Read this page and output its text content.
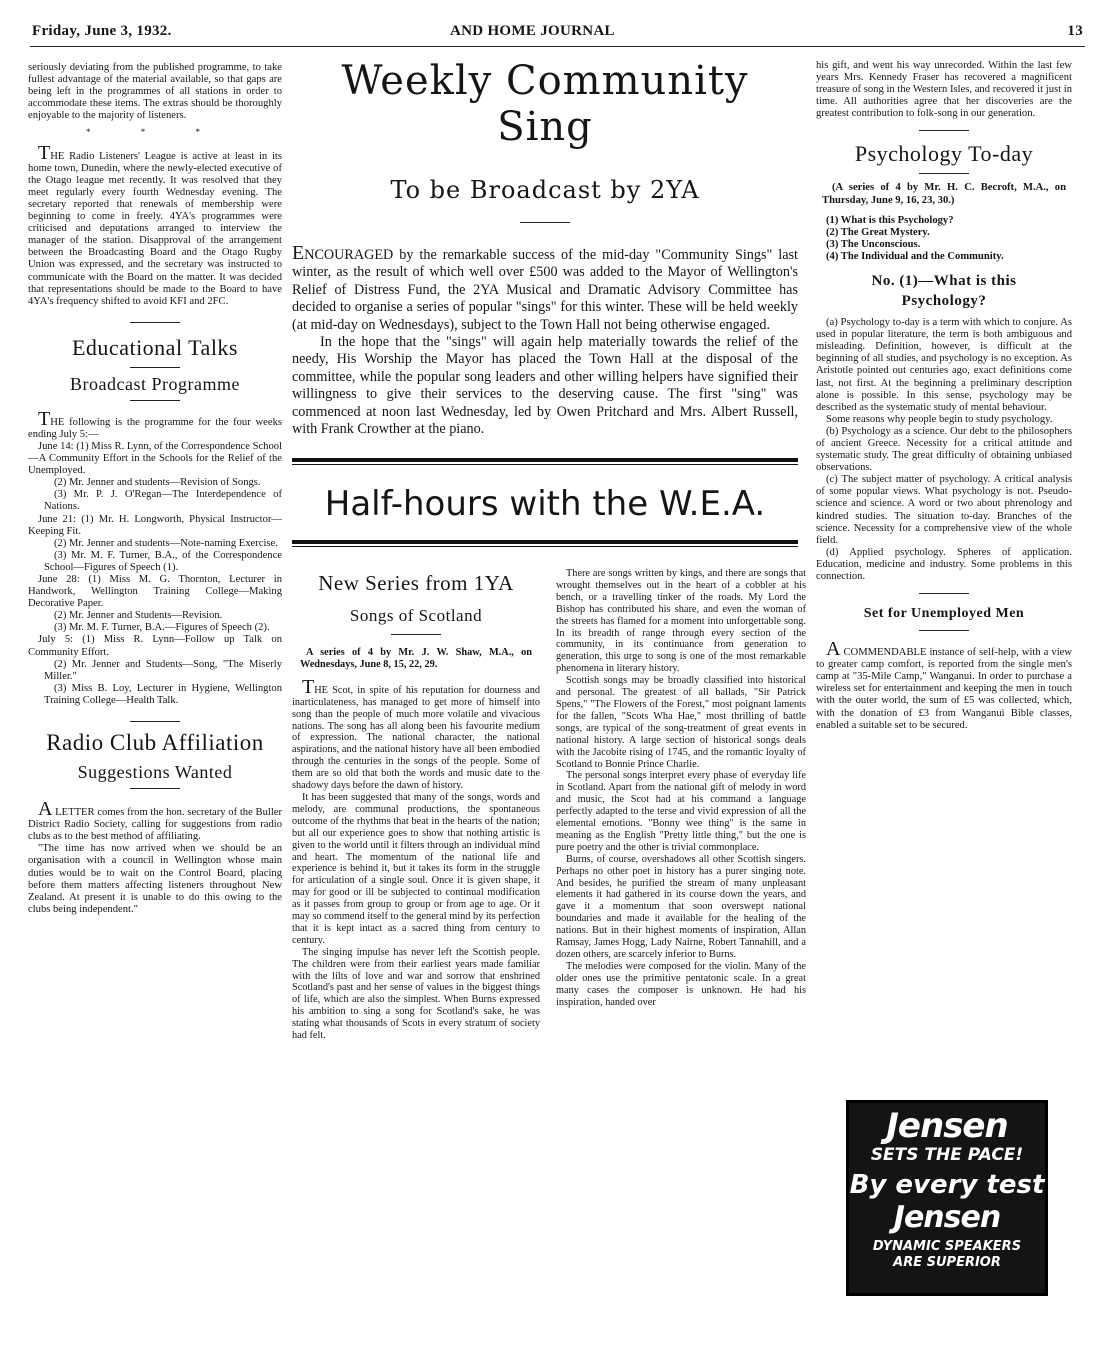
Friday, June 3, 1932.	AND HOME JOURNAL	13

seriously deviating from the published programme, to take fullest advantage of the material available, so that gaps are being left in the programmes of all stations in order to accommodate these items. The extras should be thoroughly enjoyable to the majority of listeners.

* * *

THE Radio Listeners' League is active at least in its home town, Dunedin, where the newly-elected executive of the Otago league met recently. It was resolved that they meet regularly every fourth Wednesday evening. The secretary reported that renewals of membership were beginning to come in freely. 4YA's programmes were criticised and deputations arranged to interview the manager of the station. Disapproval of the arrangement between the Broadcasting Board and the Otago Rugby Union was expressed, and the secretary was instructed to communicate with the Board on the matter. It was decided that representations should be made to the Board to have 4YA's frequency shifted to avoid KFI and 2FC.

Educational Talks
Broadcast Programme

THE following is the programme for the four weeks ending July 5:—

June 14: (1) Miss R. Lynn, of the Correspondence School—A Community Effort in the Schools for the Relief of the Unemployed.

(2) Mr. Jenner and students—Revision of Songs.

(3) Mr. P. J. O'Regan—The Interdependence of Nations.

June 21: (1) Mr. H. Longworth, Physical Instructor—Keeping Fit.

(2) Mr. Jenner and students—Note-naming Exercise.

(3) Mr. M. F. Turner, B.A., of the Correspondence School—Figures of Speech (1).

June 28: (1) Miss M. G. Thornton, Lecturer in Handwork, Wellington Training College—Making Decorative Paper.

(2) Mr. Jenner and Students—Revision.

(3) Mr. M. F. Turner, B.A.—Figures of Speech (2).

July 5: (1) Miss R. Lynn—Follow up Talk on Community Effort.

(2) Mr. Jenner and Students—Song, "The Miserly Miller."

(3) Miss B. Loy, Lecturer in Hygiene, Wellington Training College—Health Talk.

Radio Club Affiliation
Suggestions Wanted

A LETTER comes from the hon. secretary of the Buller District Radio Society, calling for suggestions from radio clubs as to the best method of affiliating.

"The time has now arrived when we should be an organisation with a council in Wellington whose main duties would be to wait on the Control Board, placing before them matters affecting listeners throughout New Zealand. At present it is unable to do this owing to the clubs being independent."

Weekly Community Sing
To be Broadcast by 2YA

ENCOURAGED by the remarkable success of the mid-day "Community Sings" last winter, as the result of which well over £500 was added to the Mayor of Wellington's Relief of Distress Fund, the 2YA Musical and Dramatic Advisory Committee has decided to organise a series of popular "sings" for this winter. These will be held weekly (at mid-day on Wednesdays), subject to the Town Hall not being otherwise engaged.

In the hope that the "sings" will again help materially towards the relief of the needy, His Worship the Mayor has placed the Town Hall at the disposal of the committee, while the popular song leaders and other willing helpers have signified their willingness to give their services to the deserving cause. The first "sing" was commenced at noon last Wednesday, led by Owen Pritchard and Mrs. Albert Russell, with Frank Crowther at the piano.

Half-hours with the W.E.A.
New Series from 1YA
Songs of Scotland

A series of 4 by Mr. J. W. Shaw, M.A., on Wednesdays, June 8, 15, 22, 29.

THE Scot, in spite of his reputation for dourness and inarticulateness, has managed to get more of himself into song than the people of much more volatile and vivacious nations. The song has all along been his favourite medium of expression. The national character, the national aspirations, and the national history have all been embodied through the centuries in the songs of the people. Some of them are so old that both the words and music date to the shadowy days before the dawn of history.

It has been suggested that many of the songs, words and melody, are communal productions, the spontaneous outcome of the rhythms that beat in the hearts of the nation; but all our experience goes to show that nothing artistic is given to the world until it filters through an individual mind and heart. The momentum of the national life and experience is behind it, but it takes its form in the struggle for articulation of a single soul. Once it is given shape, it may for good or ill be subjected to continual modification as it passes from group to group or from age to age. Or it may so commend itself to the general mind by its perfection that it is kept intact as a sacred thing from century to century.

The singing impulse has never left the Scottish people. The children were from their earliest years made familiar with the lilts of love and war and sorrow that enshrined Scotland's past and her sense of values in the biggest things of life, which are also the simplest. When Burns expressed his ambition to sing a song for Scotland's sake, he was stating what thousands of Scots in every stratum of society had felt.

There are songs written by kings, and there are songs that wrought themselves out in the heart of a cobbler at his bench, or a travelling tinker of the roads. My Lord the Bishop has contributed his share, and even the woman of the streets has flamed for a moment into unforgettable song. In its breadth of range through every section of the community, in its continuance from generation to generation, this urge to song is one of the most remarkable phenomena in literary history.

Scottish songs may be broadly classified into historical and personal. The greatest of all ballads, "Sir Patrick Spens," "The Flowers of the Forest," most poignant laments for the fallen, "Scots Wha Hae," most thrilling of battle songs, are typical of the song-treatment of great events in national history. A large section of historical songs deals with the Jacobite rising of 1745, and the romantic loyalty of Scotland to Bonnie Prince Charlie.

The personal songs interpret every phase of everyday life in Scotland. Apart from the national gift of melody in word and music, the Scot had at his command a language perfectly adapted to the terse and vivid expression of all the elemental emotions. "Bonny wee thing" is the same in meaning as the English "Pretty little thing," but the one is pure poetry and the other is trivial commonplace.

Burns, of course, overshadows all other Scottish singers. Perhaps no other poet in history has a purer singing note. And besides, he purified the stream of many unpleasant elements it had gathered in its course down the years, and gave it a momentum that soon overswept national boundaries and made it available for the healing of the nations. But in their highest moments of inspiration, Allan Ramsay, James Hogg, Lady Nairne, Robert Tannahill, and a dozen others, are scarcely inferior to Burns.

The melodies were composed for the violin. Many of the older ones use the primitive pentatonic scale. In a great many cases the composer is unknown. He had his inspiration, handed over

his gift, and went his way unrecorded. Within the last few years Mrs. Kennedy Fraser has recovered a magnificent treasure of song in the Western Isles, and recovered it just in time. All authorities agree that her discoveries are the greatest contribution to folk-song in our generation.

Psychology To-day

(A series of 4 by Mr. H. C. Becroft, M.A., on Thursday, June 9, 16, 23, 30.)

(1) What is this Psychology?

(2) The Great Mystery.

(3) The Unconscious.

(4) The Individual and the Community.

No. (1)—What is this Psychology?

(a) Psychology to-day is a term with which to conjure. As used in popular literature, the term is both ambiguous and misleading. Definition, however, is difficult at the beginning of all studies, and psychology is no exception. As Aristotle pointed out centuries ago, exact definitions come last, not first. At the beginning a preliminary description alone is possible. In this sense, psychology may be described as the systematic study of mental behaviour.

Some reasons why people begin to study psychology.

(b) Psychology as a science. Our debt to the philosophers of ancient Greece. Necessity for a critical attitude and systematic study. The great difficulty of obtaining unbiased observations.

(c) The subject matter of psychology. A critical analysis of some popular views. What psychology is not. Pseudo-science and science. A word or two about phrenology and kindred studies. The situation to-day. Branches of the science. Necessity for a comprehensive view of the whole field.

(d) Applied psychology. Spheres of application. Education, medicine and industry. Some problems in this connection.

Set for Unemployed Men

A COMMENDABLE instance of self-help, with a view to greater camp comfort, is reported from the single men's camp at "35-Mile Camp," Wanganui. In order to purchase a wireless set for entertainment and keeping the men in touch with the outer world, the sum of £5 was collected, which, with the donation of £3 from Wanganui Bible classes, enabled a suitable set to be secured.

Jensen
SETS THE PACE!
By every test
Jensen
DYNAMIC SPEAKERS
ARE SUPERIOR
